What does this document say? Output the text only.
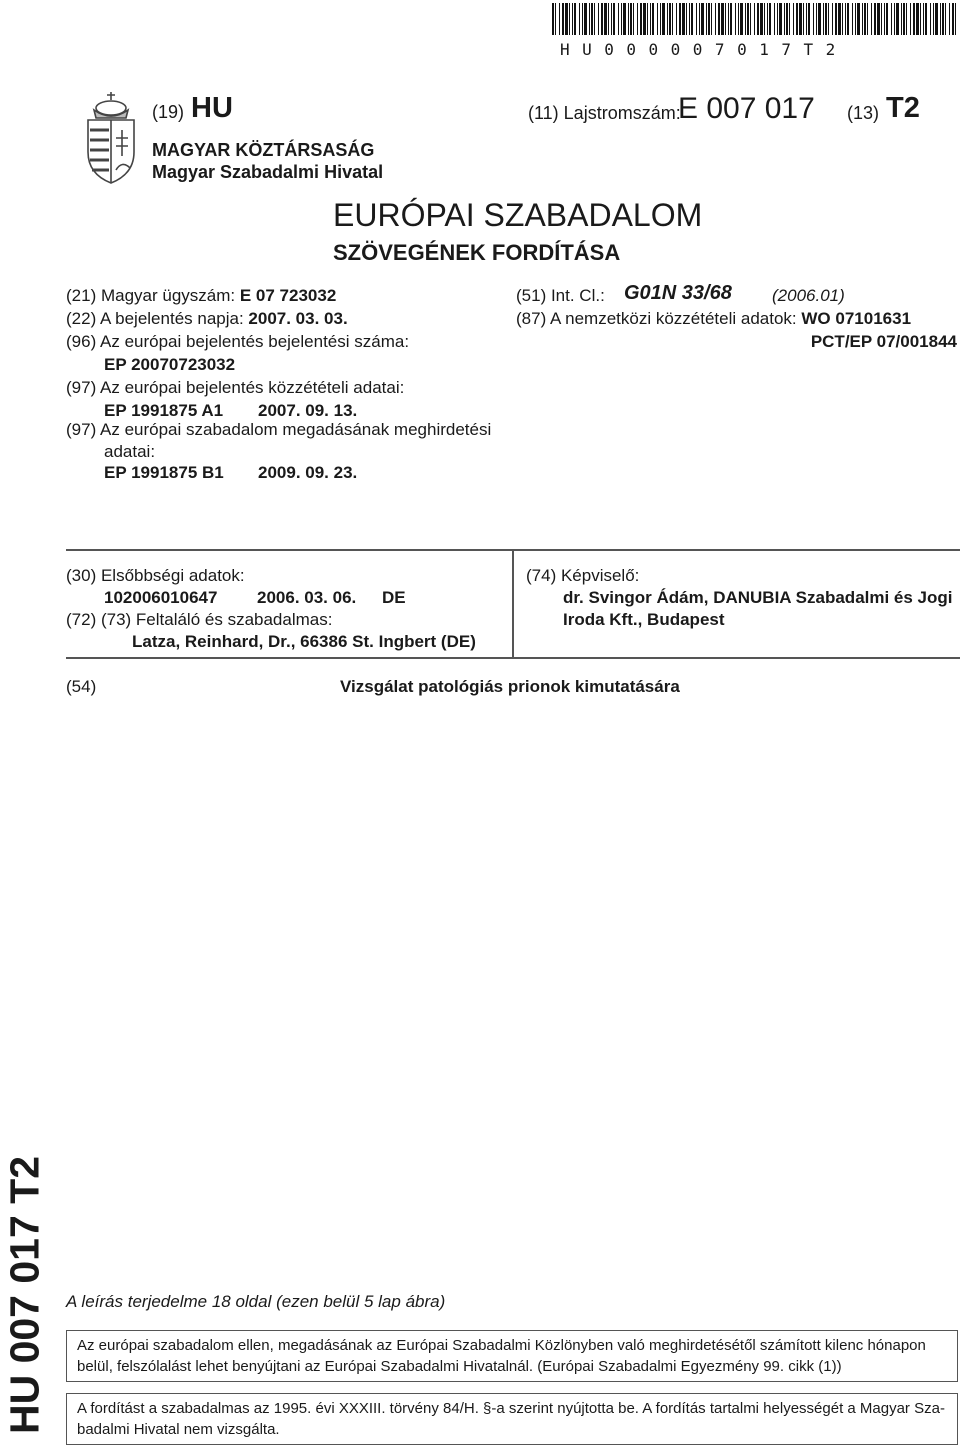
HU000007017T2
(19) HU	(11) Lajstromszám:
E 007 017 (13) T2
MAGYAR KÖZTÁRSASÁG
Magyar Szabadalmi Hivatal
EURÓPAI SZABADALOM
SZÖVEGÉNEK FORDÍTÁSA
(21) Magyar ügyszám: E 07 723032
(22) A bejelentés napja: 2007. 03. 03.
(96) Az európai bejelentés bejelentési száma:
EP 20070723032
(97) Az európai bejelentés közzétételi adatai:
EP 1991875 A1 2007. 09. 13.
(97) Az európai szabadalom megadásának meghirdetési
adatai:
EP 1991875 B1 2009. 09. 23.
(51) Int. Cl.: G01N 33/68 (2006.01)
(87) A nemzetközi közzétételi adatok: WO 07101631
PCT/EP 07/001844
(30) Elsőbbségi adatok:
102006010647 2006. 03. 06. DE
(72) (73) Feltaláló és szabadalmas:
Latza, Reinhard, Dr., 66386 St. Ingbert (DE)
(74) Képviselő:
dr. Svingor Ádám, DANUBIA Szabadalmi és Jogi
Iroda Kft., Budapest
(54)	Vizsgálat patológiás prionok kimutatására
HU 007 017 T2 A leírás terjedelme 18 oldal (ezen belül 5 lap ábra)
Az európai szabadalom ellen, megadásának az Európai Szabadalmi Közlönyben való meghirdetésétől számított kilenc hónapon
belül, felszólalást lehet benyújtani az Európai Szabadalmi Hivatalnál. (Európai Szabadalmi Egyezmény 99. cikk (1))
A fordítást a szabadalmas az 1995. évi XXXIII. törvény 84/H. §-a szerint nyújtotta be. A fordítás tartalmi helyességét a Magyar Sza-
badalmi Hivatal nem vizsgálta.
